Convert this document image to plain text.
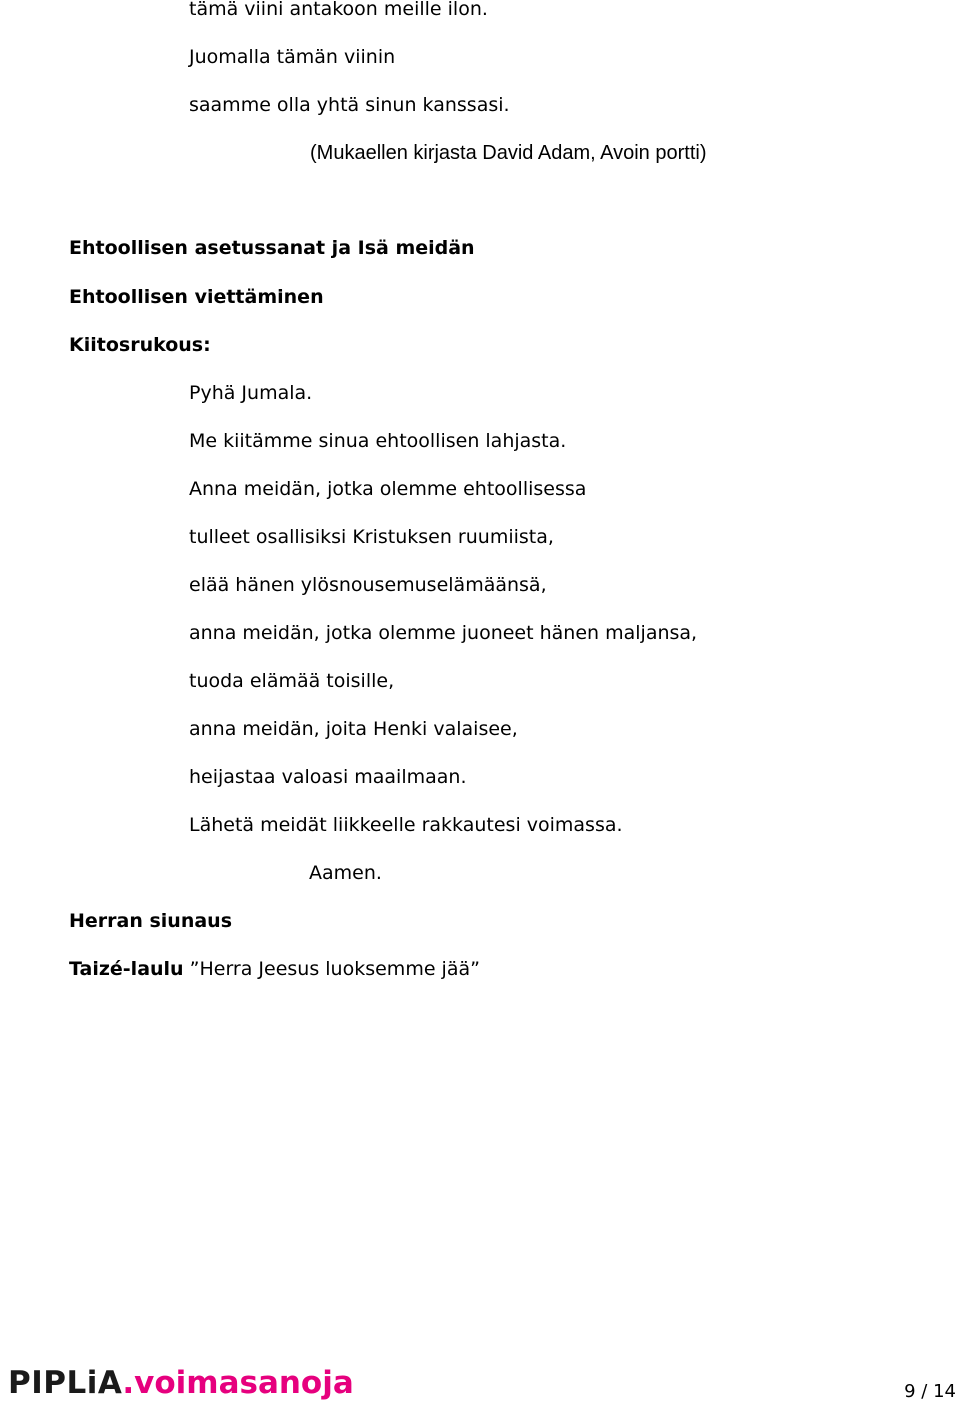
tämä viini antakoon meille ilon.
Juomalla tämän viinin
saamme olla yhtä sinun kanssasi.
(Mukaellen kirjasta David Adam, Avoin portti)
Ehtoollisen asetussanat ja Isä meidän
Ehtoollisen viettäminen
Kiitosrukous:
Pyhä Jumala.
Me kiitämme sinua ehtoollisen lahjasta.
Anna meidän, jotka olemme ehtoollisessa
tulleet osallisiksi Kristuksen ruumiista,
elää hänen ylösnousemuselämäänsä,
anna meidän, jotka olemme juoneet hänen maljansa,
tuoda elämää toisille,
anna meidän, joita Henki valaisee,
heijastaa valoasi maailmaan.
Lähetä meidät liikkeelle rakkautesi voimassa.
Aamen.
Herran siunaus
Taizé-laulu ”Herra Jeesus luoksemme jää”
PIPLiA.voimasanoja	9 / 14
